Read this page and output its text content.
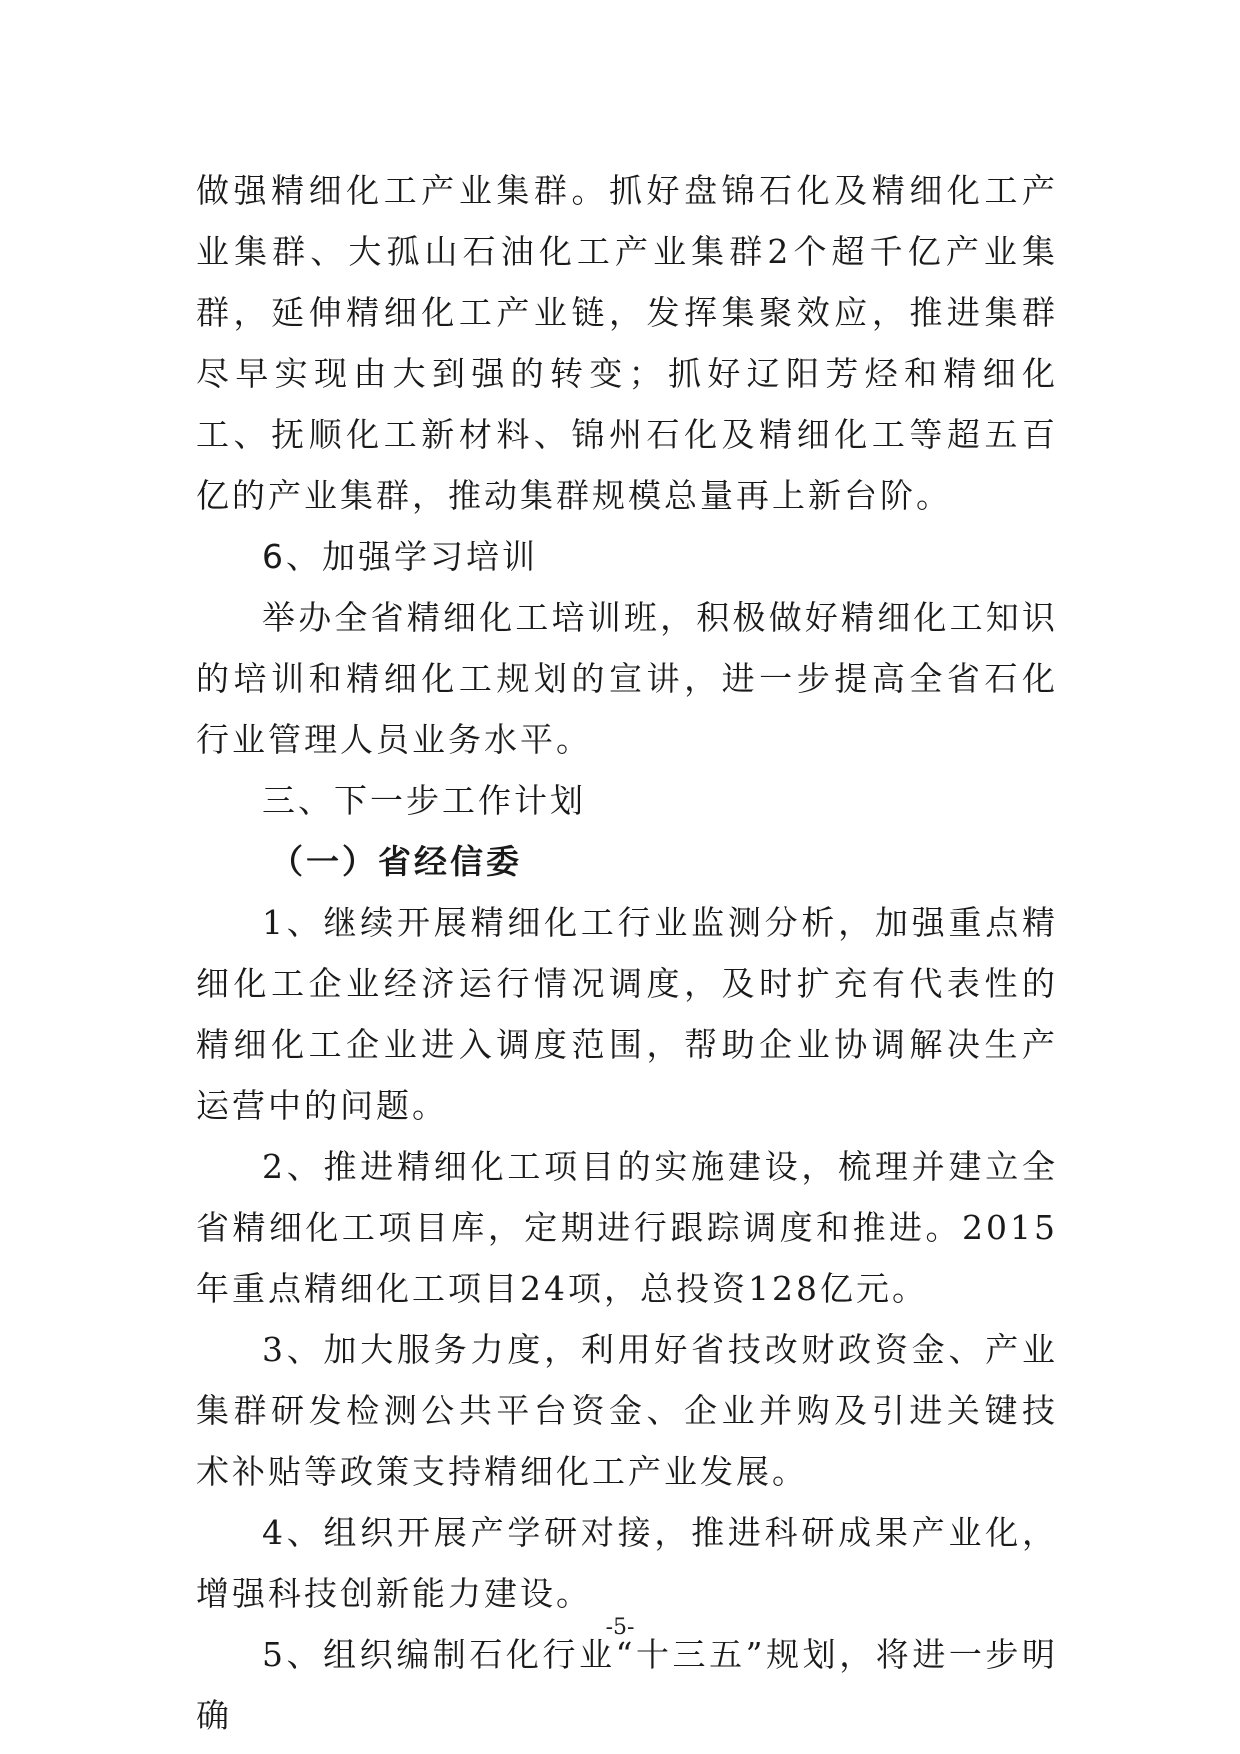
做强精细化工产业集群。抓好盘锦石化及精细化工产业集群、大孤山石油化工产业集群2个超千亿产业集群，延伸精细化工产业链，发挥集聚效应，推进集群尽早实现由大到强的转变；抓好辽阳芳烃和精细化工、抚顺化工新材料、锦州石化及精细化工等超五百亿的产业集群，推动集群规模总量再上新台阶。

6、加强学习培训

举办全省精细化工培训班，积极做好精细化工知识的培训和精细化工规划的宣讲，进一步提高全省石化行业管理人员业务水平。

三、下一步工作计划

（一）省经信委

1、继续开展精细化工行业监测分析，加强重点精细化工企业经济运行情况调度，及时扩充有代表性的精细化工企业进入调度范围，帮助企业协调解决生产运营中的问题。

2、推进精细化工项目的实施建设，梳理并建立全省精细化工项目库，定期进行跟踪调度和推进。2015年重点精细化工项目24项，总投资128亿元。

3、加大服务力度，利用好省技改财政资金、产业集群研发检测公共平台资金、企业并购及引进关键技术补贴等政策支持精细化工产业发展。

4、组织开展产学研对接，推进科研成果产业化，增强科技创新能力建设。

5、组织编制石化行业“十三五”规划，将进一步明确

-5-
